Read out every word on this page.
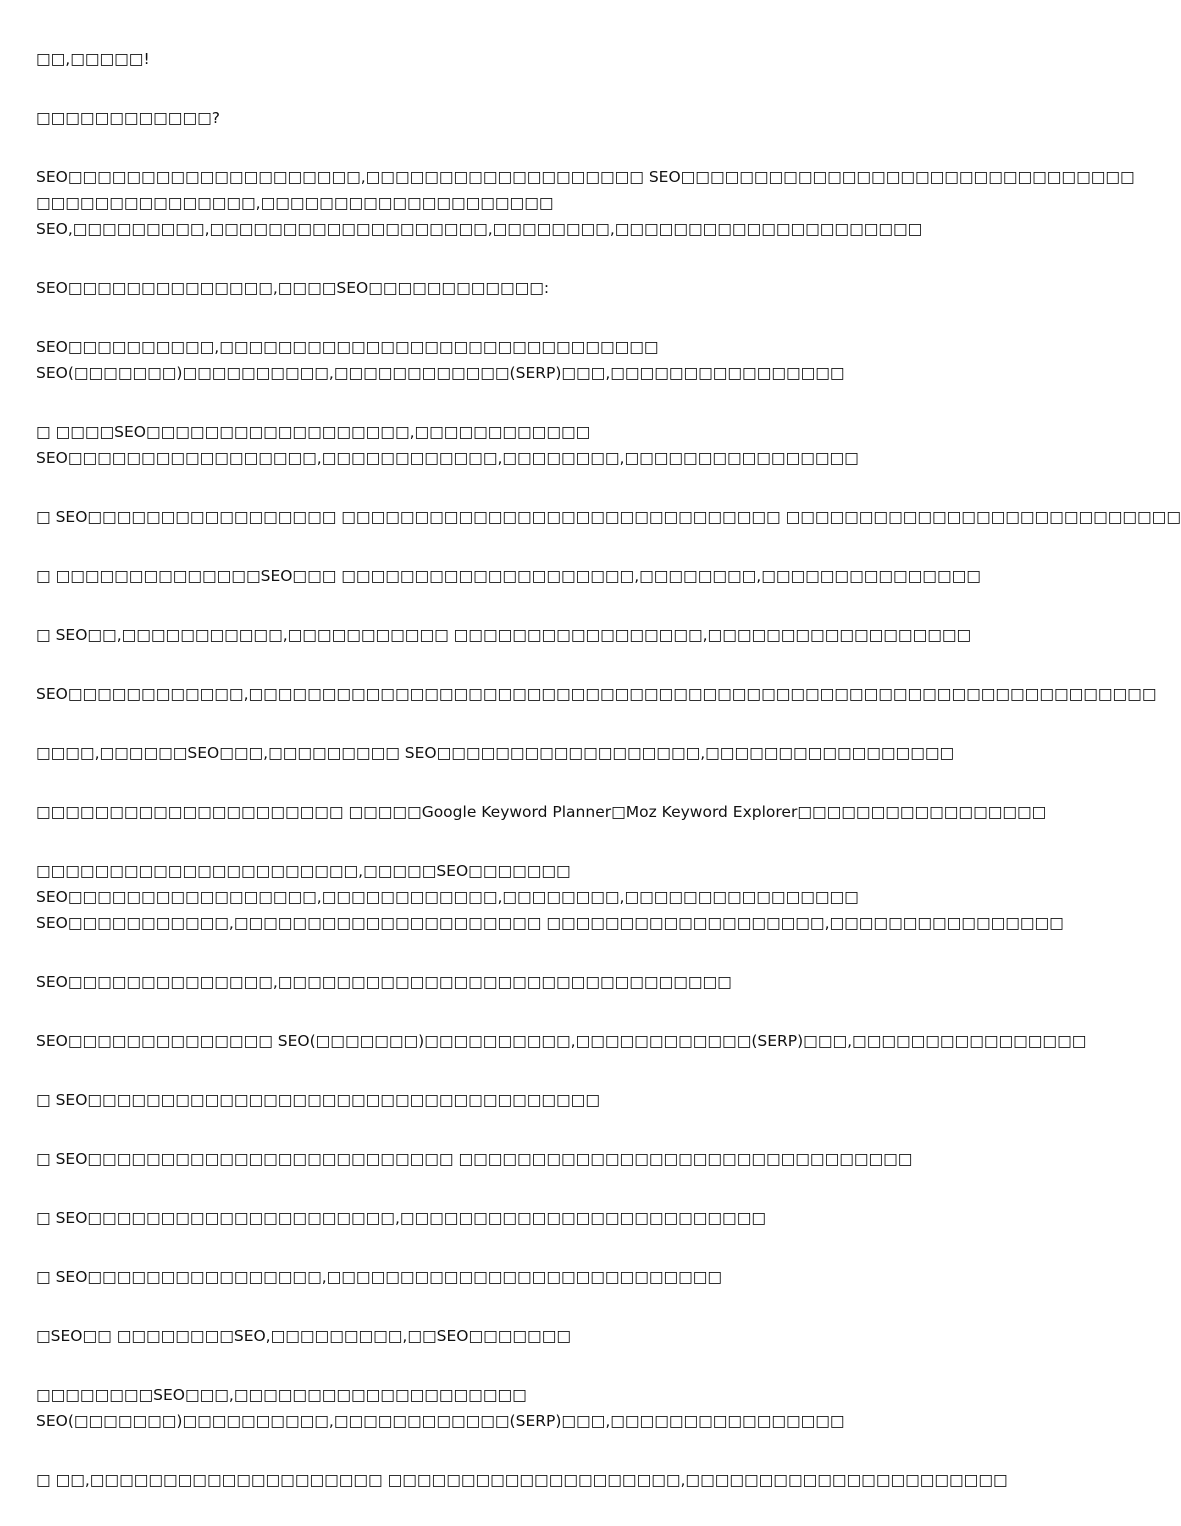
□□,□□□□□!
□□□□□□□□□□□□?
SEO□□□□□□□□□□□□□□□□□□□□,□□□□□□□□□□□□□□□□□□□ SEO□□□□□□□□□□□□□□□□□□□□□□□□□□□□□□□
□□□□□□□□□□□□□□□,□□□□□□□□□□□□□□□□□□□□
SEO,□□□□□□□□□,□□□□□□□□□□□□□□□□□□□,□□□□□□□□,□□□□□□□□□□□□□□□□□□□□□
SEO□□□□□□□□□□□□□□,□□□□SEO□□□□□□□□□□□□:
SEO□□□□□□□□□□,□□□□□□□□□□□□□□□□□□□□□□□□□□□□□□
SEO(□□□□□□□)□□□□□□□□□□,□□□□□□□□□□□□(SERP)□□□,□□□□□□□□□□□□□□□□
□ □□□□SEO□□□□□□□□□□□□□□□□□□,□□□□□□□□□□□□
SEO□□□□□□□□□□□□□□□□□,□□□□□□□□□□□□,□□□□□□□□,□□□□□□□□□□□□□□□□
□ SEO□□□□□□□□□□□□□□□□□ □□□□□□□□□□□□□□□□□□□□□□□□□□□□□□ □□□□□□□□□□□□□□□□□□□□□□□□□□□
□ □□□□□□□□□□□□□□SEO□□□ □□□□□□□□□□□□□□□□□□□□,□□□□□□□□,□□□□□□□□□□□□□□□
□ SEO□□,□□□□□□□□□□□,□□□□□□□□□□□ □□□□□□□□□□□□□□□□□,□□□□□□□□□□□□□□□□□□
SEO□□□□□□□□□□□□,□□□□□□□□□□□□□□□□□□□□□□□□□□□□□□□□□□□□□□□□□□□□□□□□□□□□□□□□□□□□□□
□□□□,□□□□□□SEO□□□,□□□□□□□□□ SEO□□□□□□□□□□□□□□□□□□,□□□□□□□□□□□□□□□□□
□□□□□□□□□□□□□□□□□□□□□ □□□□□Google Keyword Planner□Moz Keyword Explorer□□□□□□□□□□□□□□□□□
□□□□□□□□□□□□□□□□□□□□□□,□□□□□SEO□□□□□□□
SEO□□□□□□□□□□□□□□□□□,□□□□□□□□□□□□,□□□□□□□□,□□□□□□□□□□□□□□□□
SEO□□□□□□□□□□□,□□□□□□□□□□□□□□□□□□□□□ □□□□□□□□□□□□□□□□□□□,□□□□□□□□□□□□□□□□
SEO□□□□□□□□□□□□□□,□□□□□□□□□□□□□□□□□□□□□□□□□□□□□□□
SEO□□□□□□□□□□□□□□ SEO(□□□□□□□)□□□□□□□□□□,□□□□□□□□□□□□(SERP)□□□,□□□□□□□□□□□□□□□□
□ SEO□□□□□□□□□□□□□□□□□□□□□□□□□□□□□□□□□□□
□ SEO□□□□□□□□□□□□□□□□□□□□□□□□□ □□□□□□□□□□□□□□□□□□□□□□□□□□□□□□□
□ SEO□□□□□□□□□□□□□□□□□□□□□,□□□□□□□□□□□□□□□□□□□□□□□□□
□ SEO□□□□□□□□□□□□□□□□,□□□□□□□□□□□□□□□□□□□□□□□□□□□
□SEO□□ □□□□□□□□SEO,□□□□□□□□□,□□SEO□□□□□□□
□□□□□□□□SEO□□□,□□□□□□□□□□□□□□□□□□□□
SEO(□□□□□□□)□□□□□□□□□□,□□□□□□□□□□□□(SERP)□□□,□□□□□□□□□□□□□□□□
□ □□,□□□□□□□□□□□□□□□□□□□□ □□□□□□□□□□□□□□□□□□□□,□□□□□□□□□□□□□□□□□□□□□□
